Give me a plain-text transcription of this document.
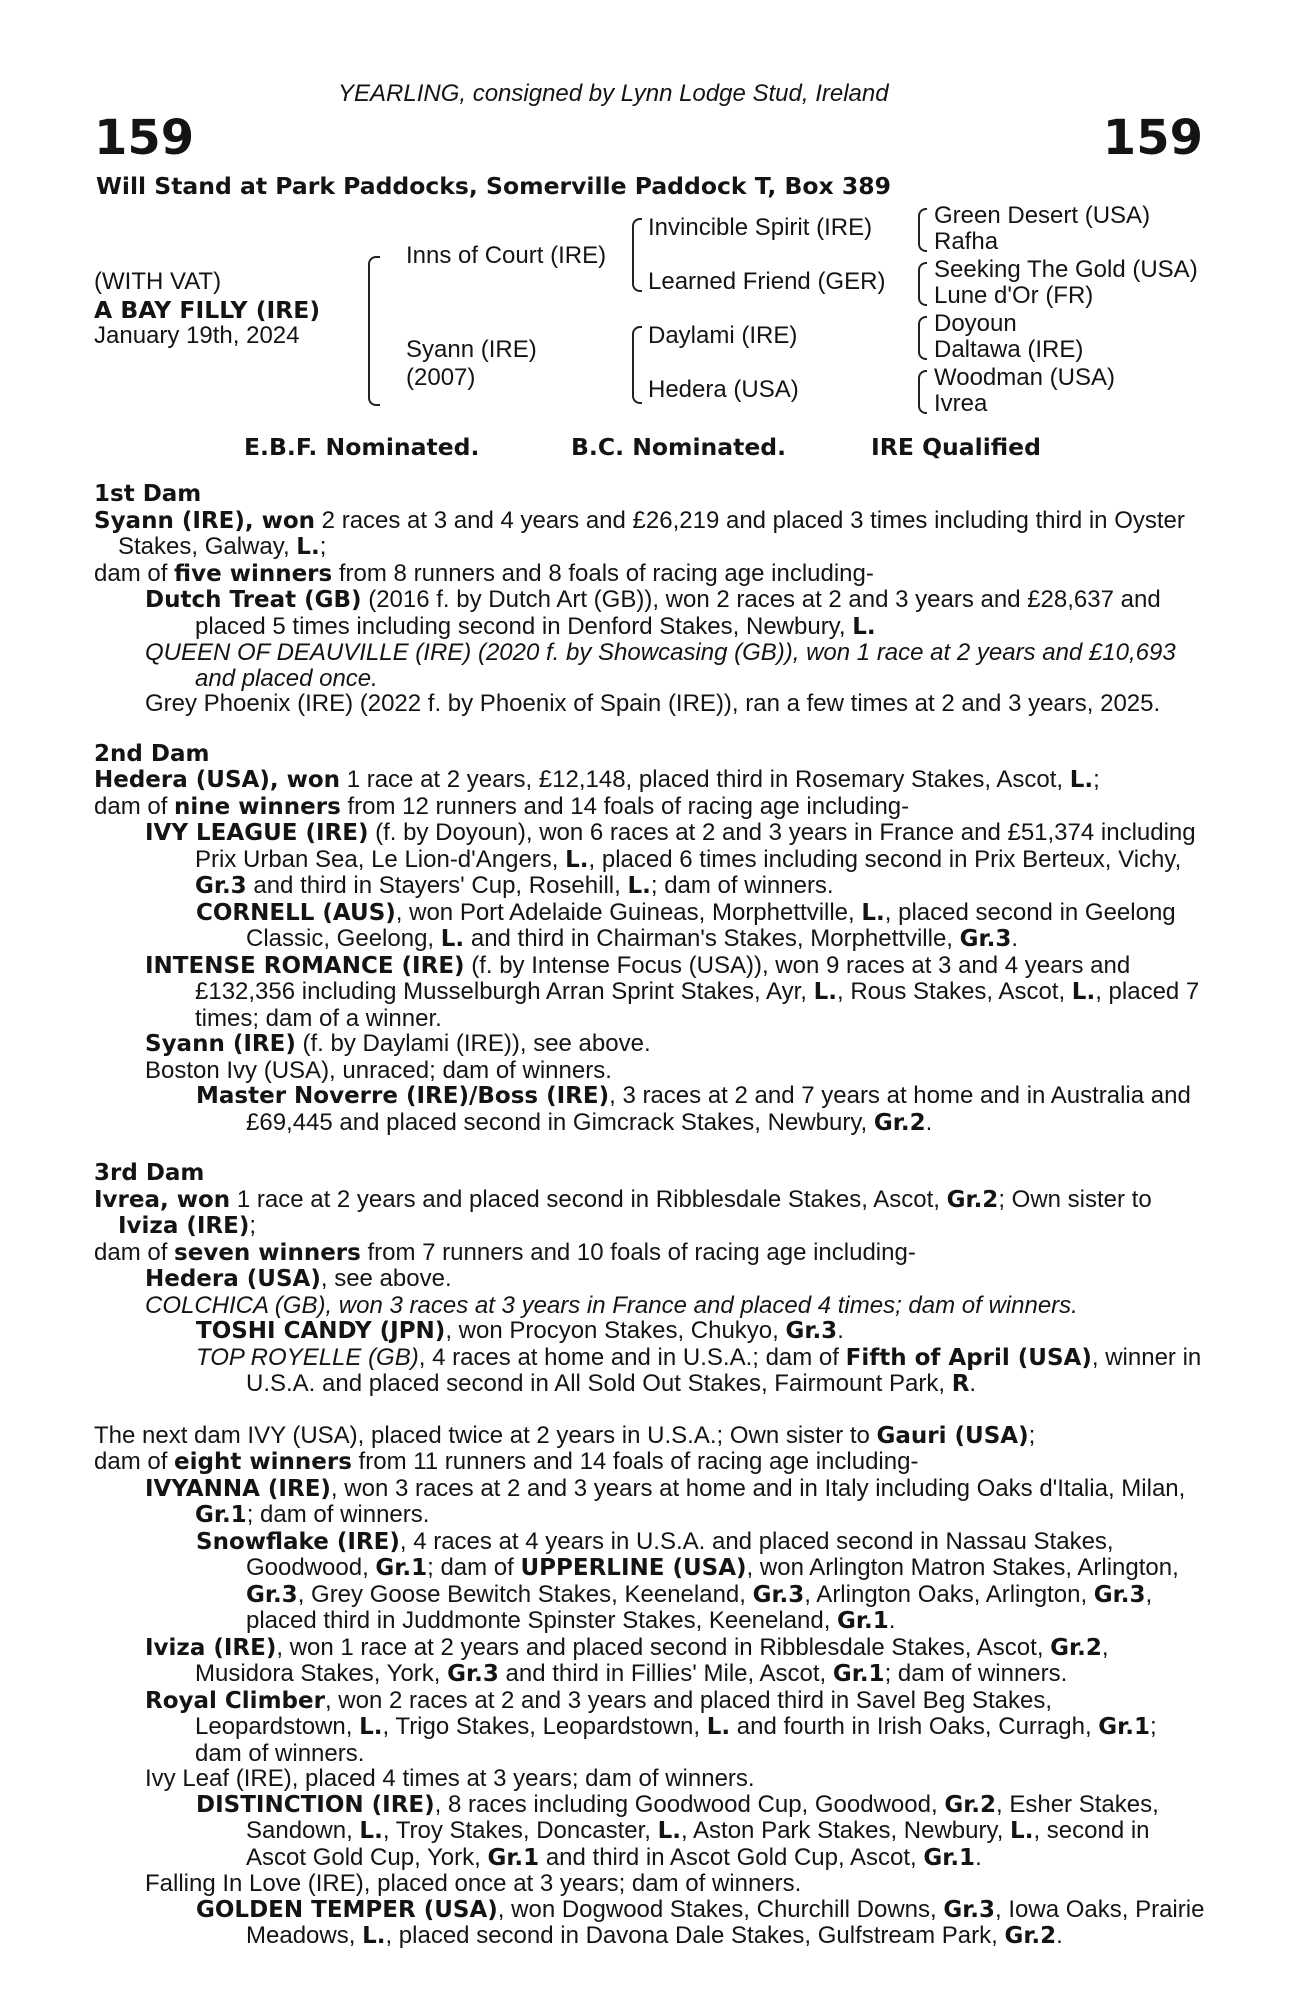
159	159
YEARLING, consigned by Lynn Lodge Stud, Ireland
Will Stand at Park Paddocks, Somerville Paddock T, Box 389
(WITH VAT)
A BAY FILLY (IRE)
January 19th, 2024
Inns of Court (IRE)
Syann (IRE)
(2007)
Invincible Spirit (IRE)
Learned Friend (GER)
Daylami (IRE)
Hedera (USA)
Green Desert (USA)
Rafha
Seeking The Gold (USA)
Lune d'Or (FR)
Doyoun
Daltawa (IRE)
Woodman (USA)
Ivrea
E.B.F. Nominated.	B.C. Nominated.	IRE Qualified

1st Dam

Syann (IRE), won 2 races at 3 and 4 years and £26,219 and placed 3 times including third in Oyster Stakes, Galway, L.;

dam of five winners from 8 runners and 8 foals of racing age including-

Dutch Treat (GB) (2016 f. by Dutch Art (GB)), won 2 races at 2 and 3 years and £28,637 and placed 5 times including second in Denford Stakes, Newbury, L.

QUEEN OF DEAUVILLE (IRE) (2020 f. by Showcasing (GB)), won 1 race at 2 years and £10,693 and placed once.

Grey Phoenix (IRE) (2022 f. by Phoenix of Spain (IRE)), ran a few times at 2 and 3 years, 2025.

2nd Dam

Hedera (USA), won 1 race at 2 years, £12,148, placed third in Rosemary Stakes, Ascot, L.;

dam of nine winners from 12 runners and 14 foals of racing age including-

IVY LEAGUE (IRE) (f. by Doyoun), won 6 races at 2 and 3 years in France and £51,374 including Prix Urban Sea, Le Lion-d'Angers, L., placed 6 times including second in Prix Berteux, Vichy, Gr.3 and third in Stayers' Cup, Rosehill, L.; dam of winners.

CORNELL (AUS), won Port Adelaide Guineas, Morphettville, L., placed second in Geelong Classic, Geelong, L. and third in Chairman's Stakes, Morphettville, Gr.3.

INTENSE ROMANCE (IRE) (f. by Intense Focus (USA)), won 9 races at 3 and 4 years and £132,356 including Musselburgh Arran Sprint Stakes, Ayr, L., Rous Stakes, Ascot, L., placed 7 times; dam of a winner.

Syann (IRE) (f. by Daylami (IRE)), see above.

Boston Ivy (USA), unraced; dam of winners.

Master Noverre (IRE)/Boss (IRE), 3 races at 2 and 7 years at home and in Australia and £69,445 and placed second in Gimcrack Stakes, Newbury, Gr.2.

3rd Dam

Ivrea, won 1 race at 2 years and placed second in Ribblesdale Stakes, Ascot, Gr.2; Own sister to Iviza (IRE);

dam of seven winners from 7 runners and 10 foals of racing age including-

Hedera (USA), see above.

COLCHICA (GB), won 3 races at 3 years in France and placed 4 times; dam of winners.

TOSHI CANDY (JPN), won Procyon Stakes, Chukyo, Gr.3.

TOP ROYELLE (GB), 4 races at home and in U.S.A.; dam of Fifth of April (USA), winner in U.S.A. and placed second in All Sold Out Stakes, Fairmount Park, R.

The next dam IVY (USA), placed twice at 2 years in U.S.A.; Own sister to Gauri (USA);

dam of eight winners from 11 runners and 14 foals of racing age including-

IVYANNA (IRE), won 3 races at 2 and 3 years at home and in Italy including Oaks d'Italia, Milan, Gr.1; dam of winners.

Snowflake (IRE), 4 races at 4 years in U.S.A. and placed second in Nassau Stakes, Goodwood, Gr.1; dam of UPPERLINE (USA), won Arlington Matron Stakes, Arlington, Gr.3, Grey Goose Bewitch Stakes, Keeneland, Gr.3, Arlington Oaks, Arlington, Gr.3, placed third in Juddmonte Spinster Stakes, Keeneland, Gr.1.

Iviza (IRE), won 1 race at 2 years and placed second in Ribblesdale Stakes, Ascot, Gr.2, Musidora Stakes, York, Gr.3 and third in Fillies' Mile, Ascot, Gr.1; dam of winners.

Royal Climber, won 2 races at 2 and 3 years and placed third in Savel Beg Stakes, Leopardstown, L., Trigo Stakes, Leopardstown, L. and fourth in Irish Oaks, Curragh, Gr.1; dam of winners.

Ivy Leaf (IRE), placed 4 times at 3 years; dam of winners.

DISTINCTION (IRE), 8 races including Goodwood Cup, Goodwood, Gr.2, Esher Stakes, Sandown, L., Troy Stakes, Doncaster, L., Aston Park Stakes, Newbury, L., second in Ascot Gold Cup, York, Gr.1 and third in Ascot Gold Cup, Ascot, Gr.1.

Falling In Love (IRE), placed once at 3 years; dam of winners.

GOLDEN TEMPER (USA), won Dogwood Stakes, Churchill Downs, Gr.3, Iowa Oaks, Prairie Meadows, L., placed second in Davona Dale Stakes, Gulfstream Park, Gr.2.
